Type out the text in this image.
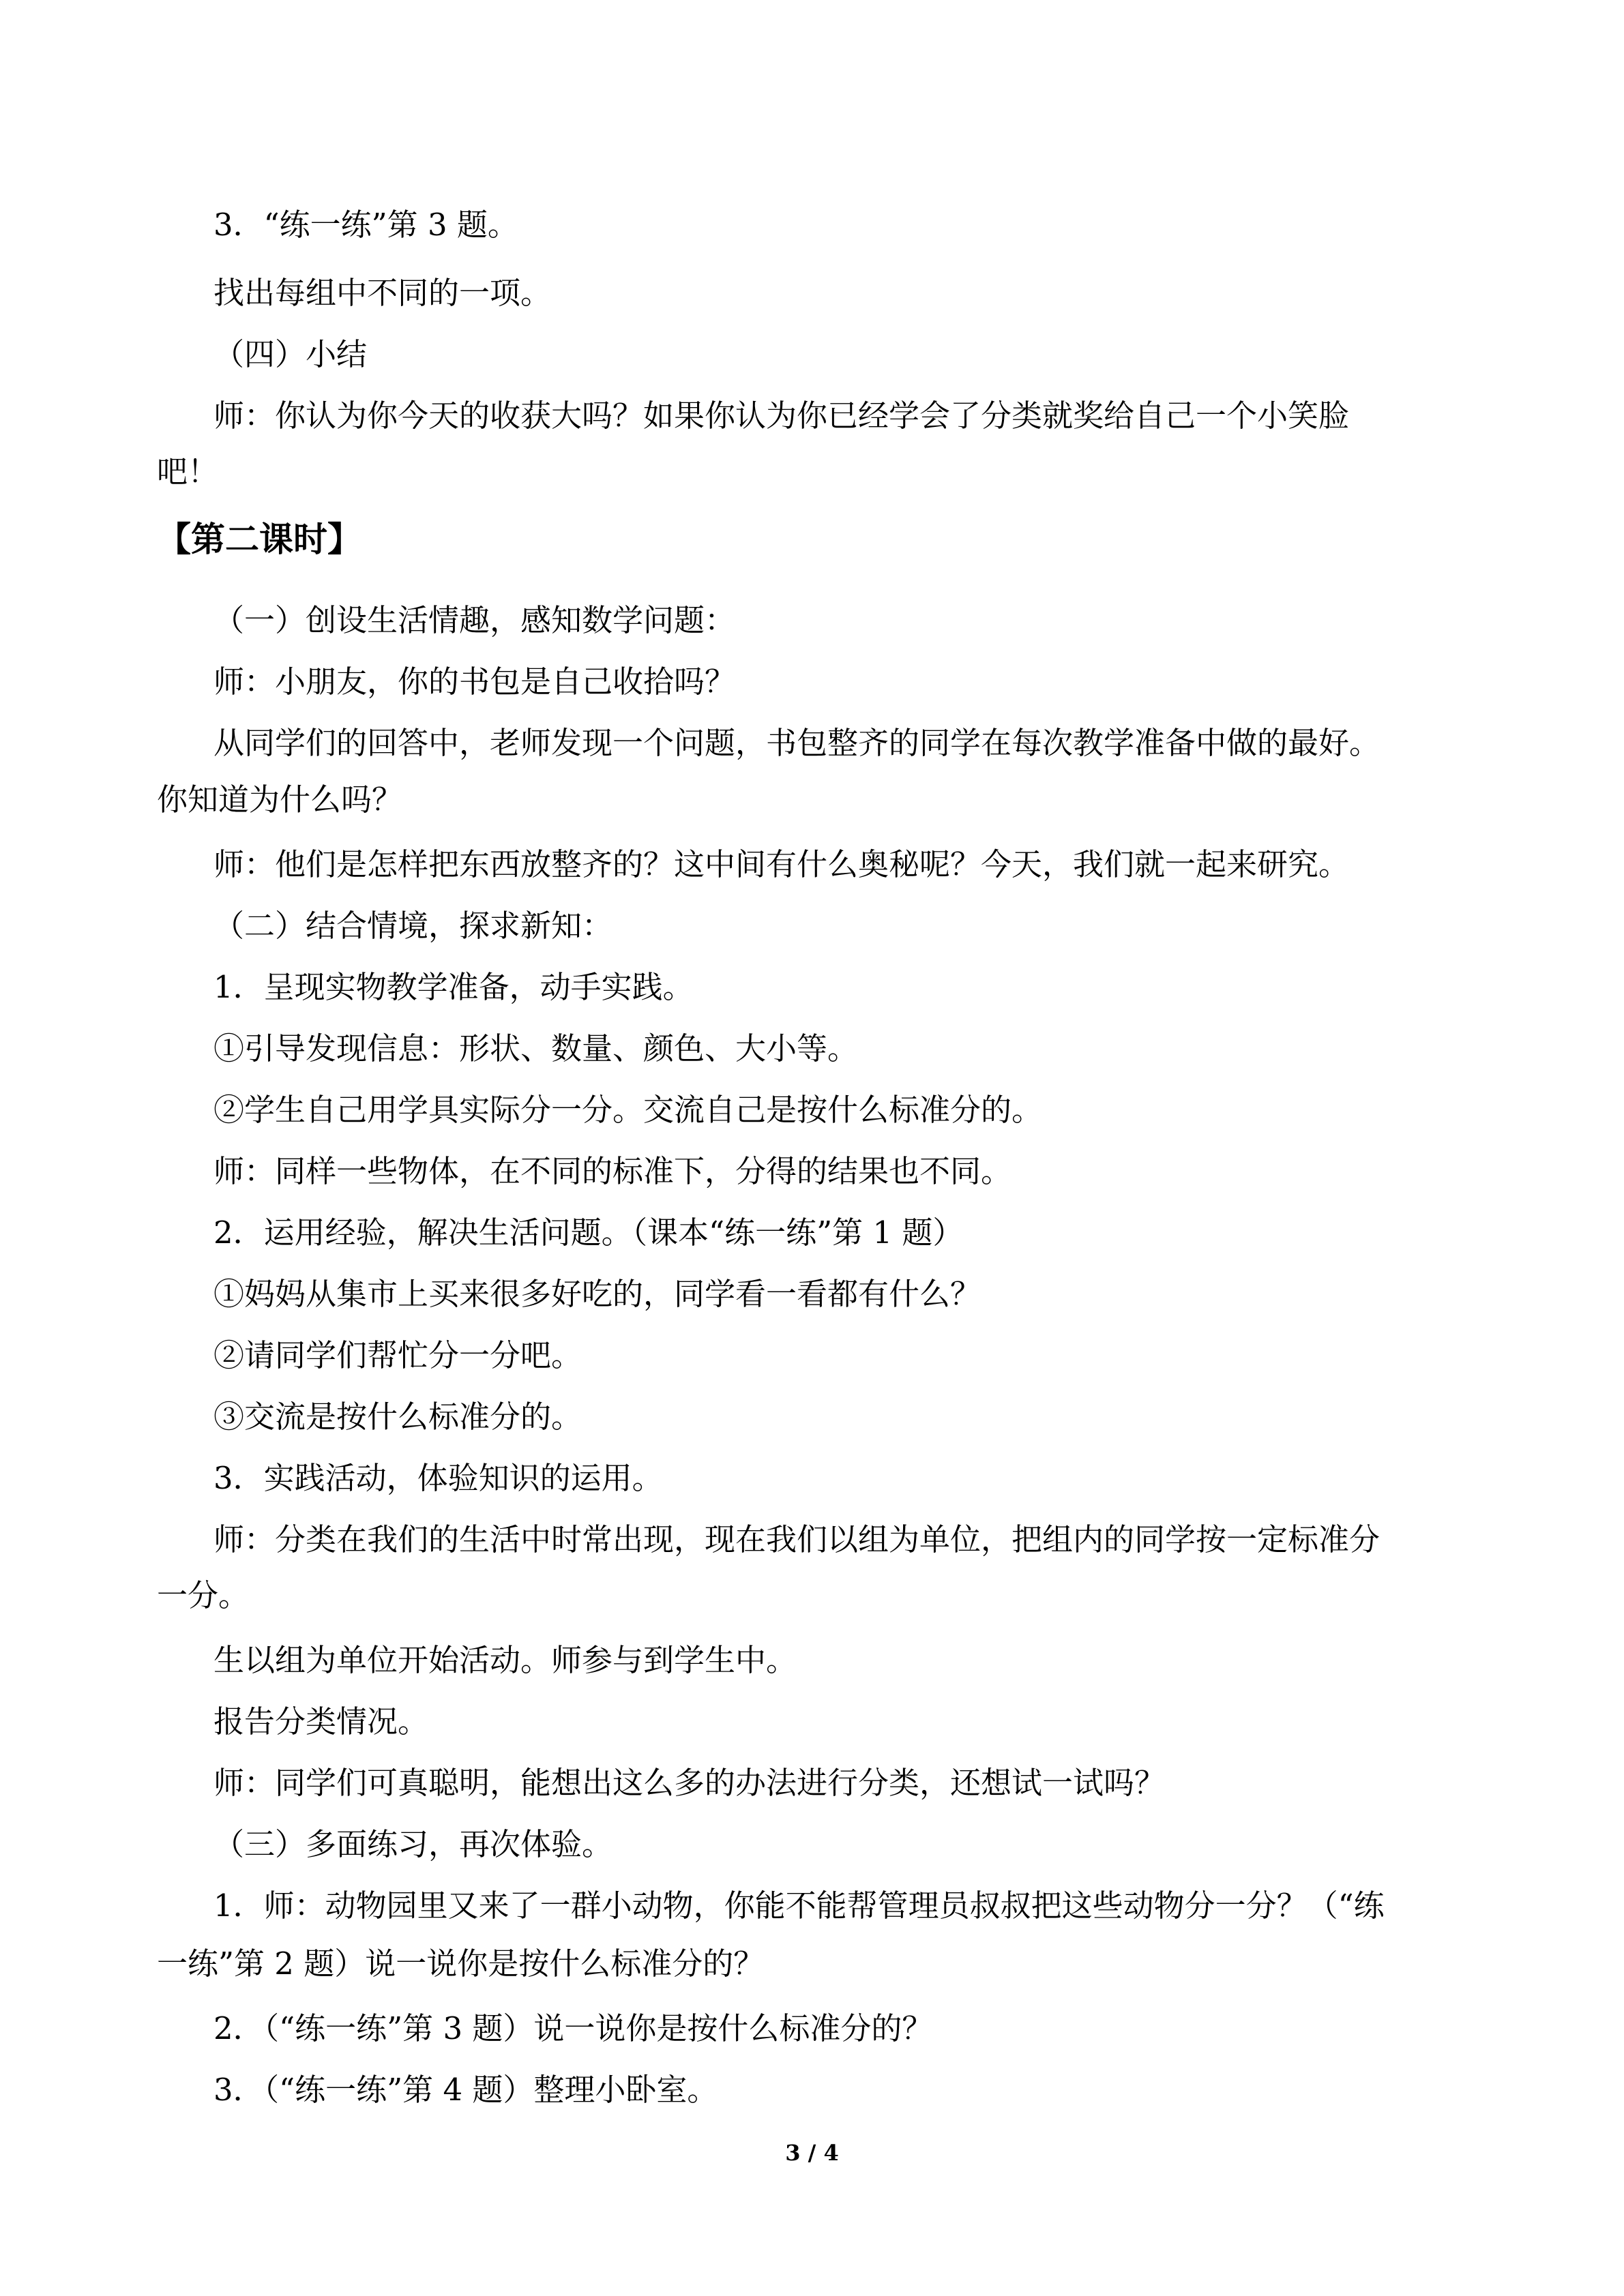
3．“练一练”第 3 题。
找出每组中不同的一项。
（四）小结
师：你认为你今天的收获大吗？如果你认为你已经学会了分类就奖给自己一个小笑脸
吧！
【第二课时】
（一）创设生活情趣，感知数学问题：
师：小朋友，你的书包是自己收拾吗？
从同学们的回答中，老师发现一个问题，书包整齐的同学在每次教学准备中做的最好。
你知道为什么吗？
师：他们是怎样把东西放整齐的？这中间有什么奥秘呢？今天，我们就一起来研究。
（二）结合情境，探求新知：
1．呈现实物教学准备，动手实践。
①引导发现信息：形状、数量、颜色、大小等。
②学生自己用学具实际分一分。交流自己是按什么标准分的。
师：同样一些物体，在不同的标准下，分得的结果也不同。
2．运用经验，解决生活问题。（课本“练一练”第 1 题）
①妈妈从集市上买来很多好吃的，同学看一看都有什么？
②请同学们帮忙分一分吧。
③交流是按什么标准分的。
3．实践活动，体验知识的运用。
师：分类在我们的生活中时常出现，现在我们以组为单位，把组内的同学按一定标准分
一分。
生以组为单位开始活动。师参与到学生中。
报告分类情况。
师：同学们可真聪明，能想出这么多的办法进行分类，还想试一试吗？
（三）多面练习，再次体验。
1．师：动物园里又来了一群小动物，你能不能帮管理员叔叔把这些动物分一分？（“练
一练”第 2 题）说一说你是按什么标准分的？
2．（“练一练”第 3 题）说一说你是按什么标准分的？
3．（“练一练”第 4 题）整理小卧室。
3 / 4
